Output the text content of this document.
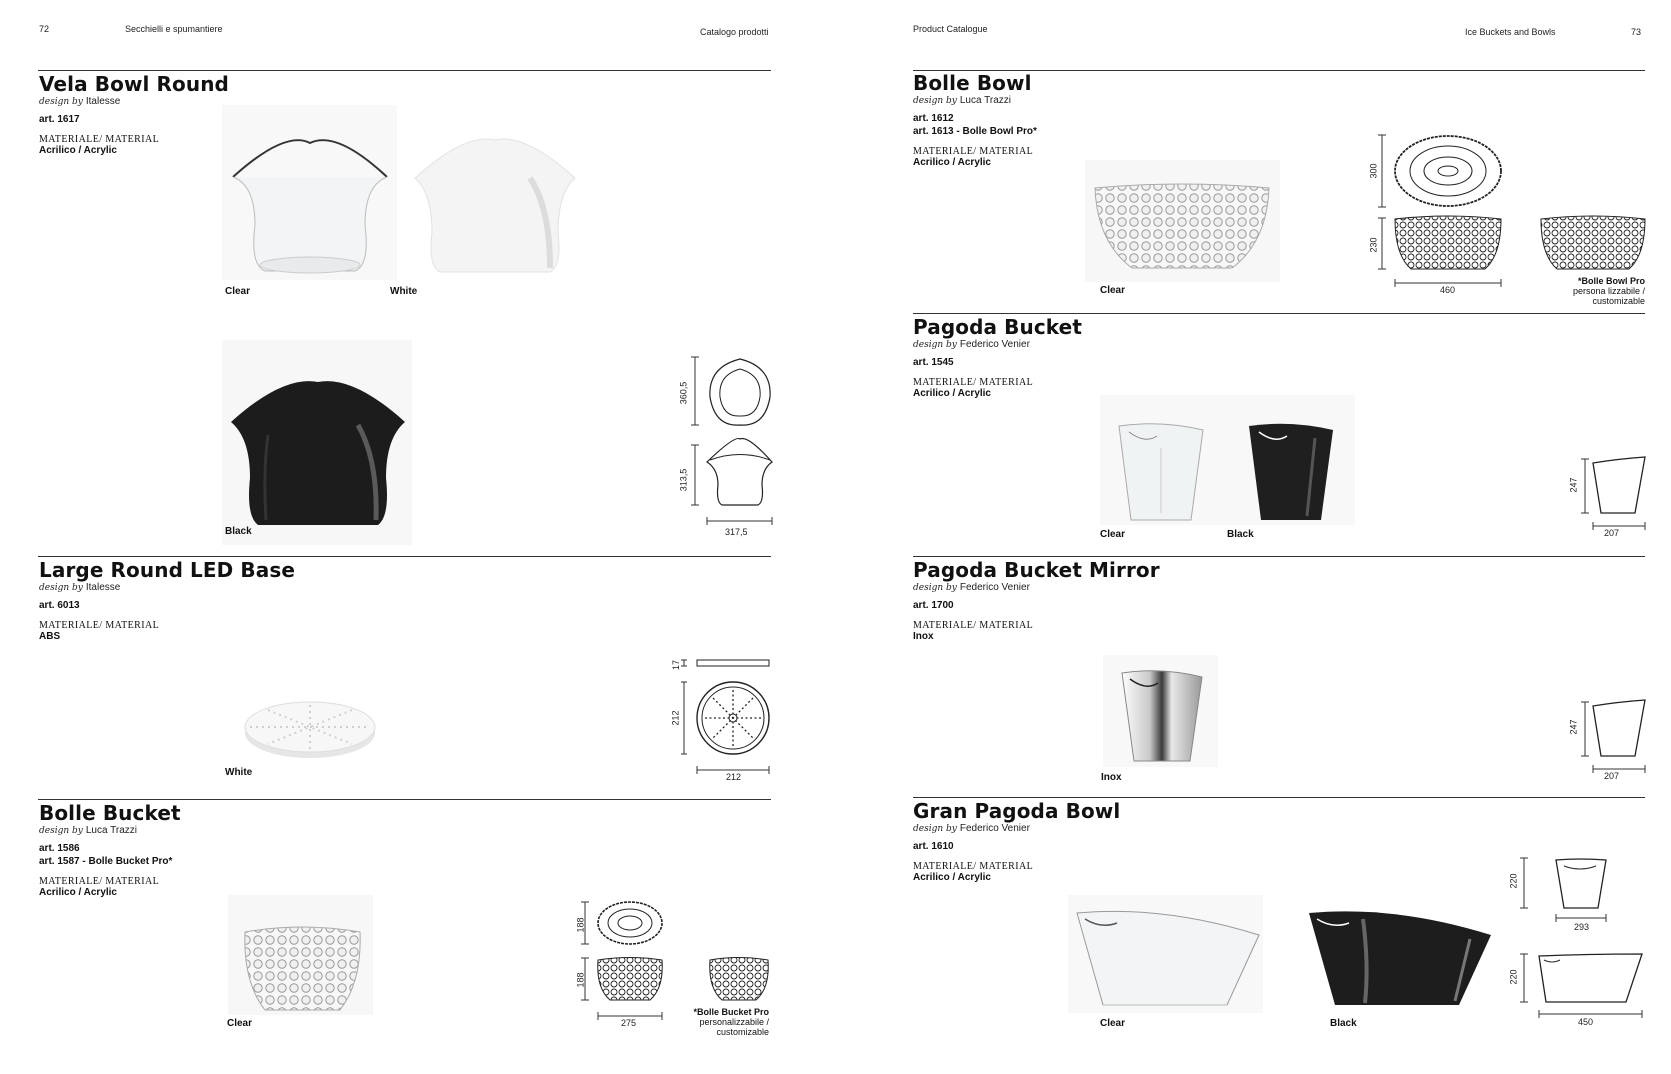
72	Secchielli e spumantiere	Catalogo prodotti	Product Catalogue	Ice Buckets and Bowls	73
Vela Bowl Round
design by Italesse
art. 1617
MATERIALE/ MATERIAL
Acrilico / Acrylic
Clear	White
Black
360,5
313,5
317,5
Large Round LED Base
design by Italesse
art. 6013
MATERIALE/ MATERIAL
ABS
White
17
212
212
Bolle Bucket
design by Luca Trazzi
art. 1586
art. 1587 - Bolle Bucket Pro*
MATERIALE/ MATERIAL
Acrilico / Acrylic
Clear
188
188
275
*Bolle Bucket Pro
personalizzabile /
customizable
Bolle Bowl
design by Luca Trazzi
art. 1612
art. 1613 - Bolle Bowl Pro*
MATERIALE/ MATERIAL
Acrilico / Acrylic
Clear
300
230
460
*Bolle Bowl Pro
persona lizzabile /
customizable
Pagoda Bucket
design by Federico Venier
art. 1545
MATERIALE/ MATERIAL
Acrilico / Acrylic
Clear	Black
247
207
Pagoda Bucket Mirror
design by Federico Venier
art. 1700
MATERIALE/ MATERIAL
Inox
Inox
247
207
Gran Pagoda Bowl
design by Federico Venier
art. 1610
MATERIALE/ MATERIAL
Acrilico / Acrylic
Clear	Black
220
293
220
450
